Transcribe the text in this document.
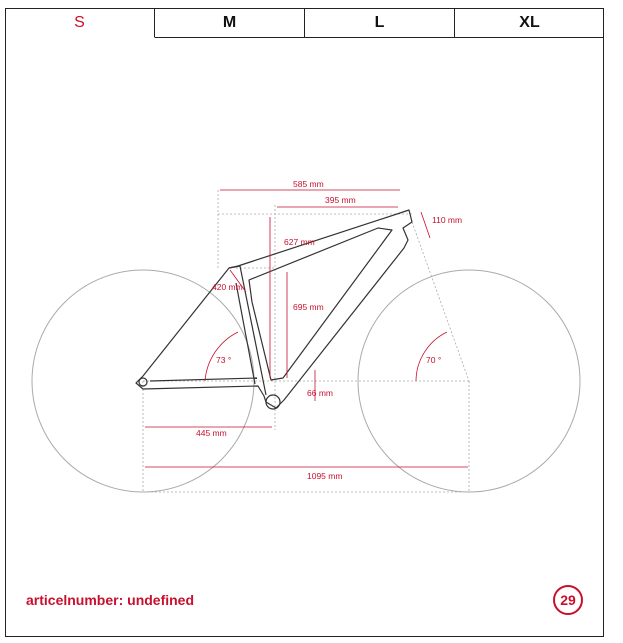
S	M	L	XL
585 mm
395 mm
110 mm
627 mm
420 mm
695 mm
73 °	70 °
66 mm
445 mm
1095 mm
articelnumber: undefined	29
